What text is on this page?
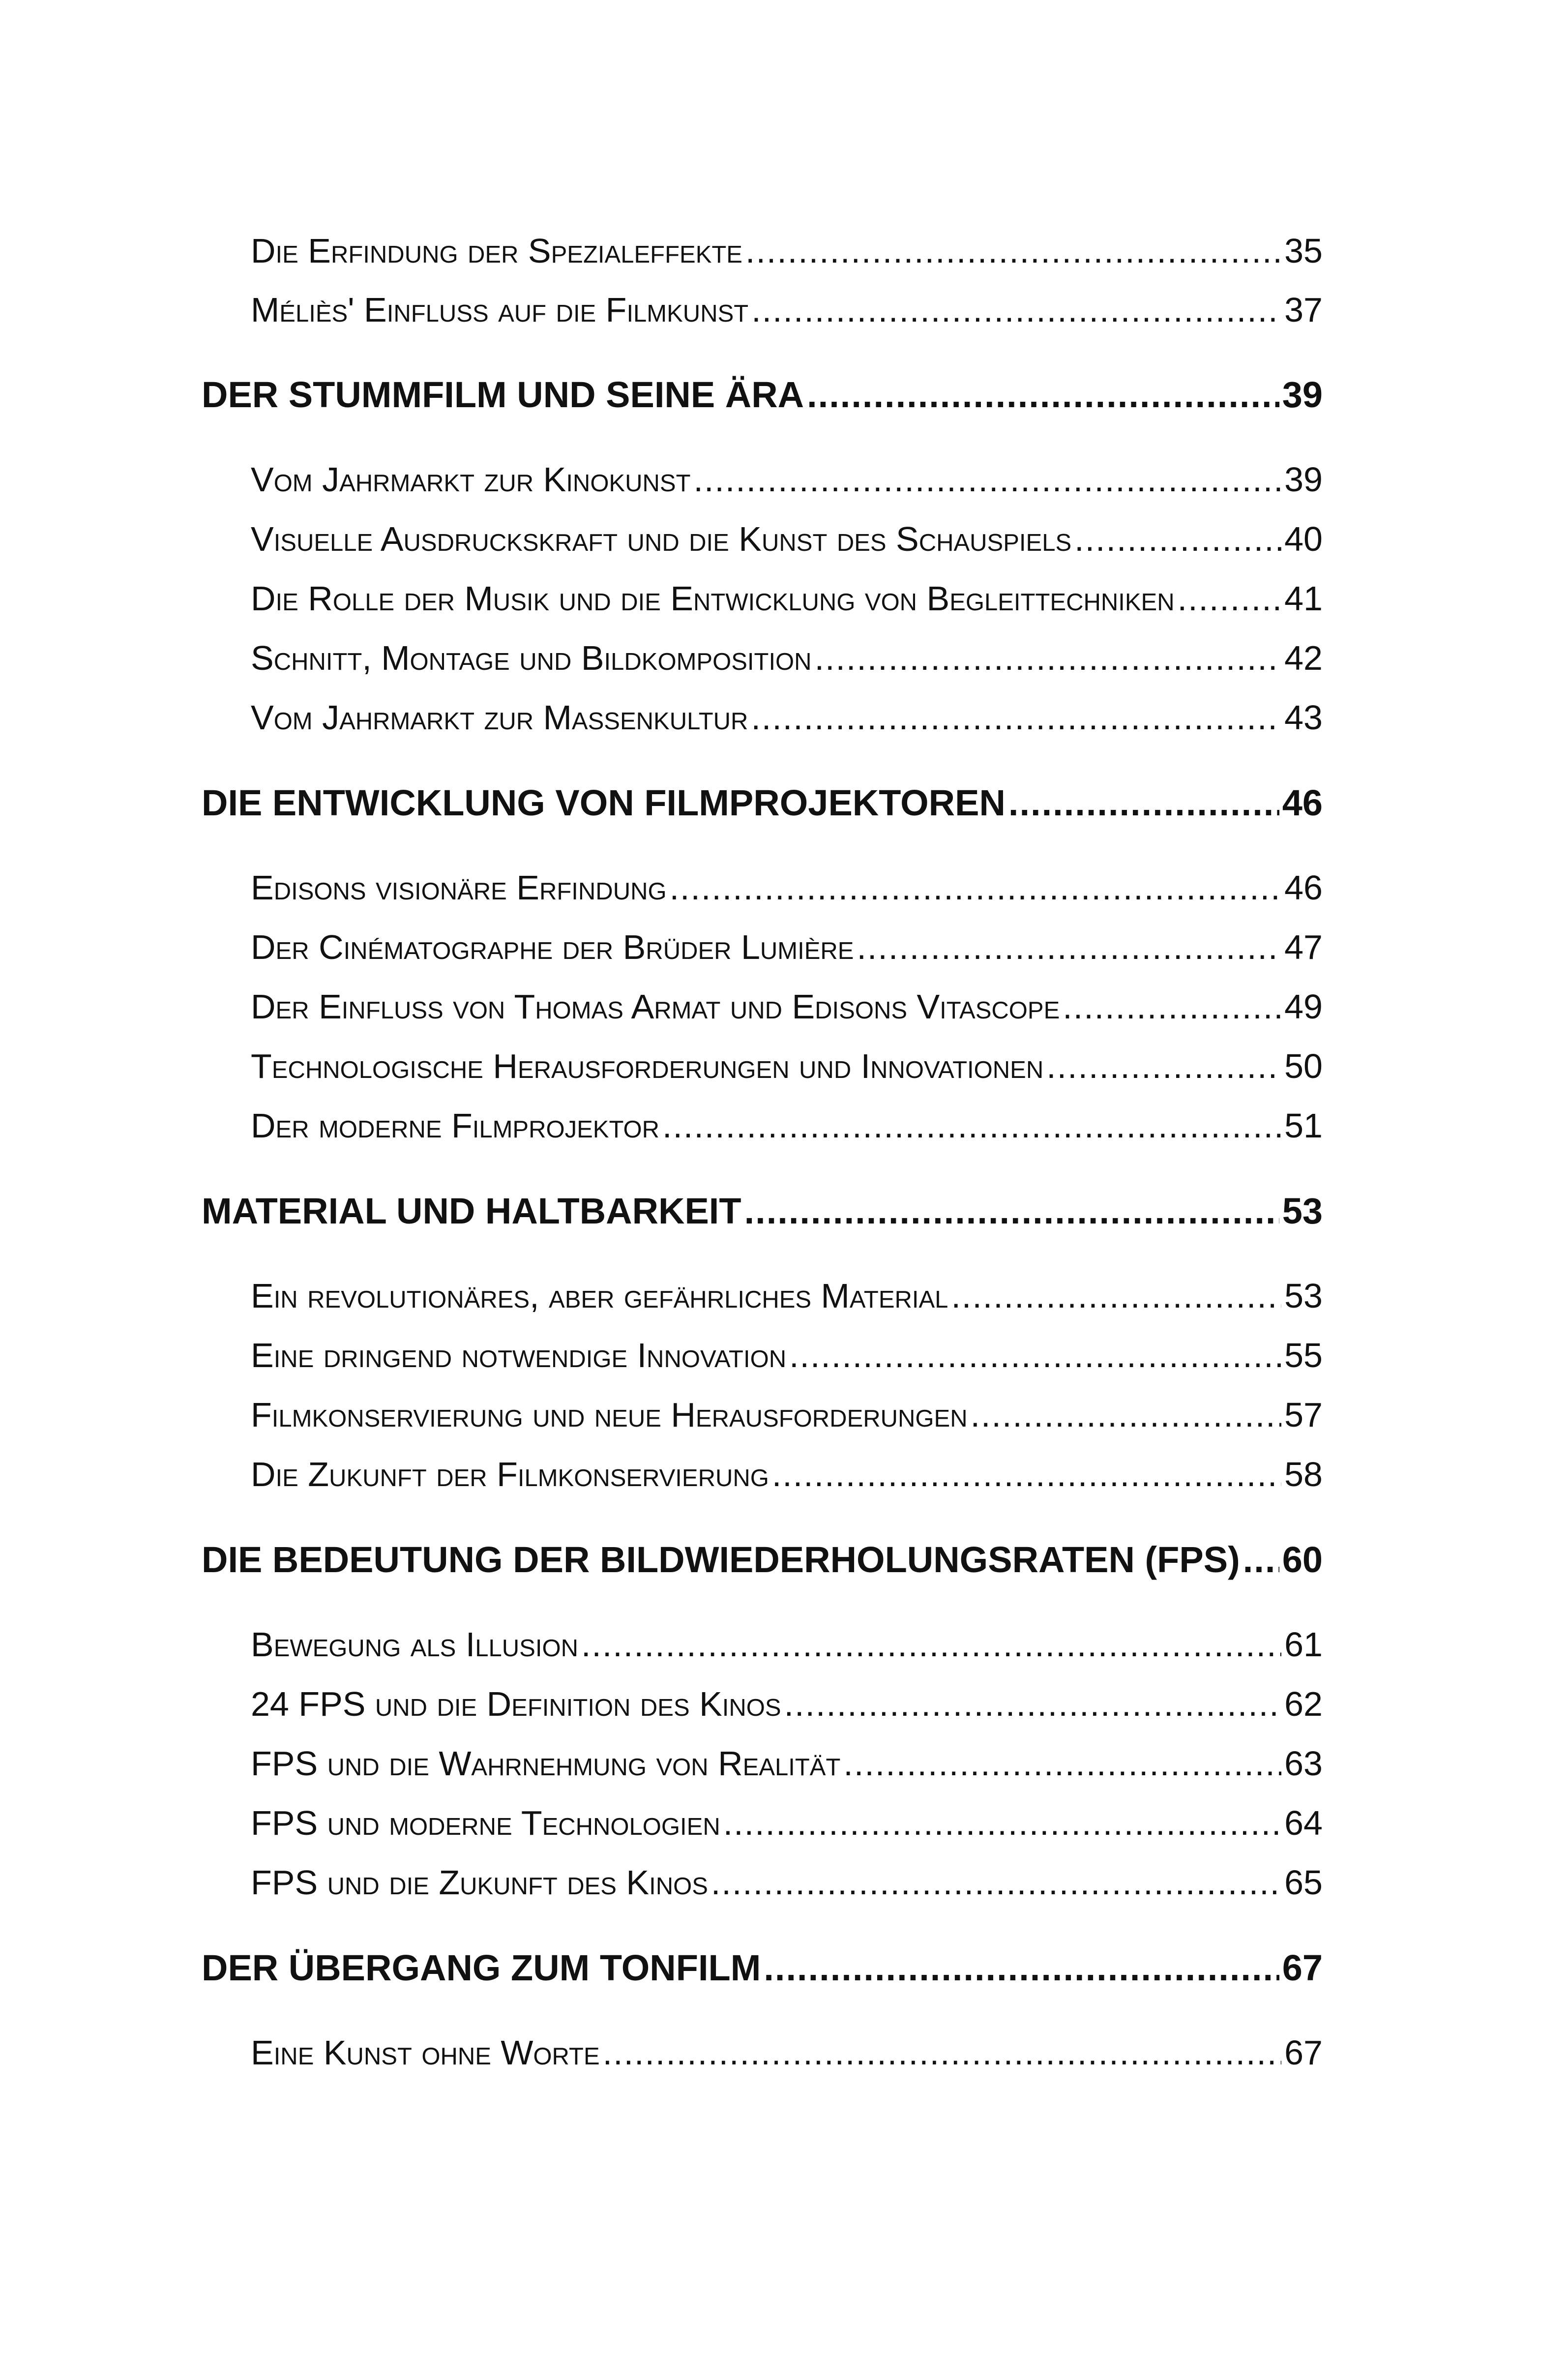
Die Erfindung der Spezialeffekte .....	35
Méliès' Einfluss auf die Filmkunst .....	37
DER STUMMFILM UND SEINE ÄRA .....	39
Vom Jahrmarkt zur Kinokunst .....	39
Visuelle Ausdruckskraft und die Kunst des Schauspiels .....	40
Die Rolle der Musik und die Entwicklung von Begleittechniken .....	41
Schnitt, Montage und Bildkomposition .....	42
Vom Jahrmarkt zur Massenkultur .....	43
DIE ENTWICKLUNG VON FILMPROJEKTOREN .....	46
Edisons visionäre Erfindung .....	46
Der Cinématographe der Brüder Lumière .....	47
Der Einfluss von Thomas Armat und Edisons Vitascope .....	49
Technologische Herausforderungen und Innovationen .....	50
Der moderne Filmprojektor .....	51
MATERIAL UND HALTBARKEIT .....	53
Ein revolutionäres, aber gefährliches Material .....	53
Eine dringend notwendige Innovation .....	55
Filmkonservierung und neue Herausforderungen .....	57
Die Zukunft der Filmkonservierung .....	58
DIE BEDEUTUNG DER BILDWIEDERHOLUNGSRATEN (FPS) ..... 60
Bewegung als Illusion .....	61
24 FPS und die Definition des Kinos .....	62
FPS und die Wahrnehmung von Realität .....	63
FPS und moderne Technologien .....	64
FPS und die Zukunft des Kinos .....	65
DER ÜBERGANG ZUM TONFILM .....	67
Eine Kunst ohne Worte .....	67
